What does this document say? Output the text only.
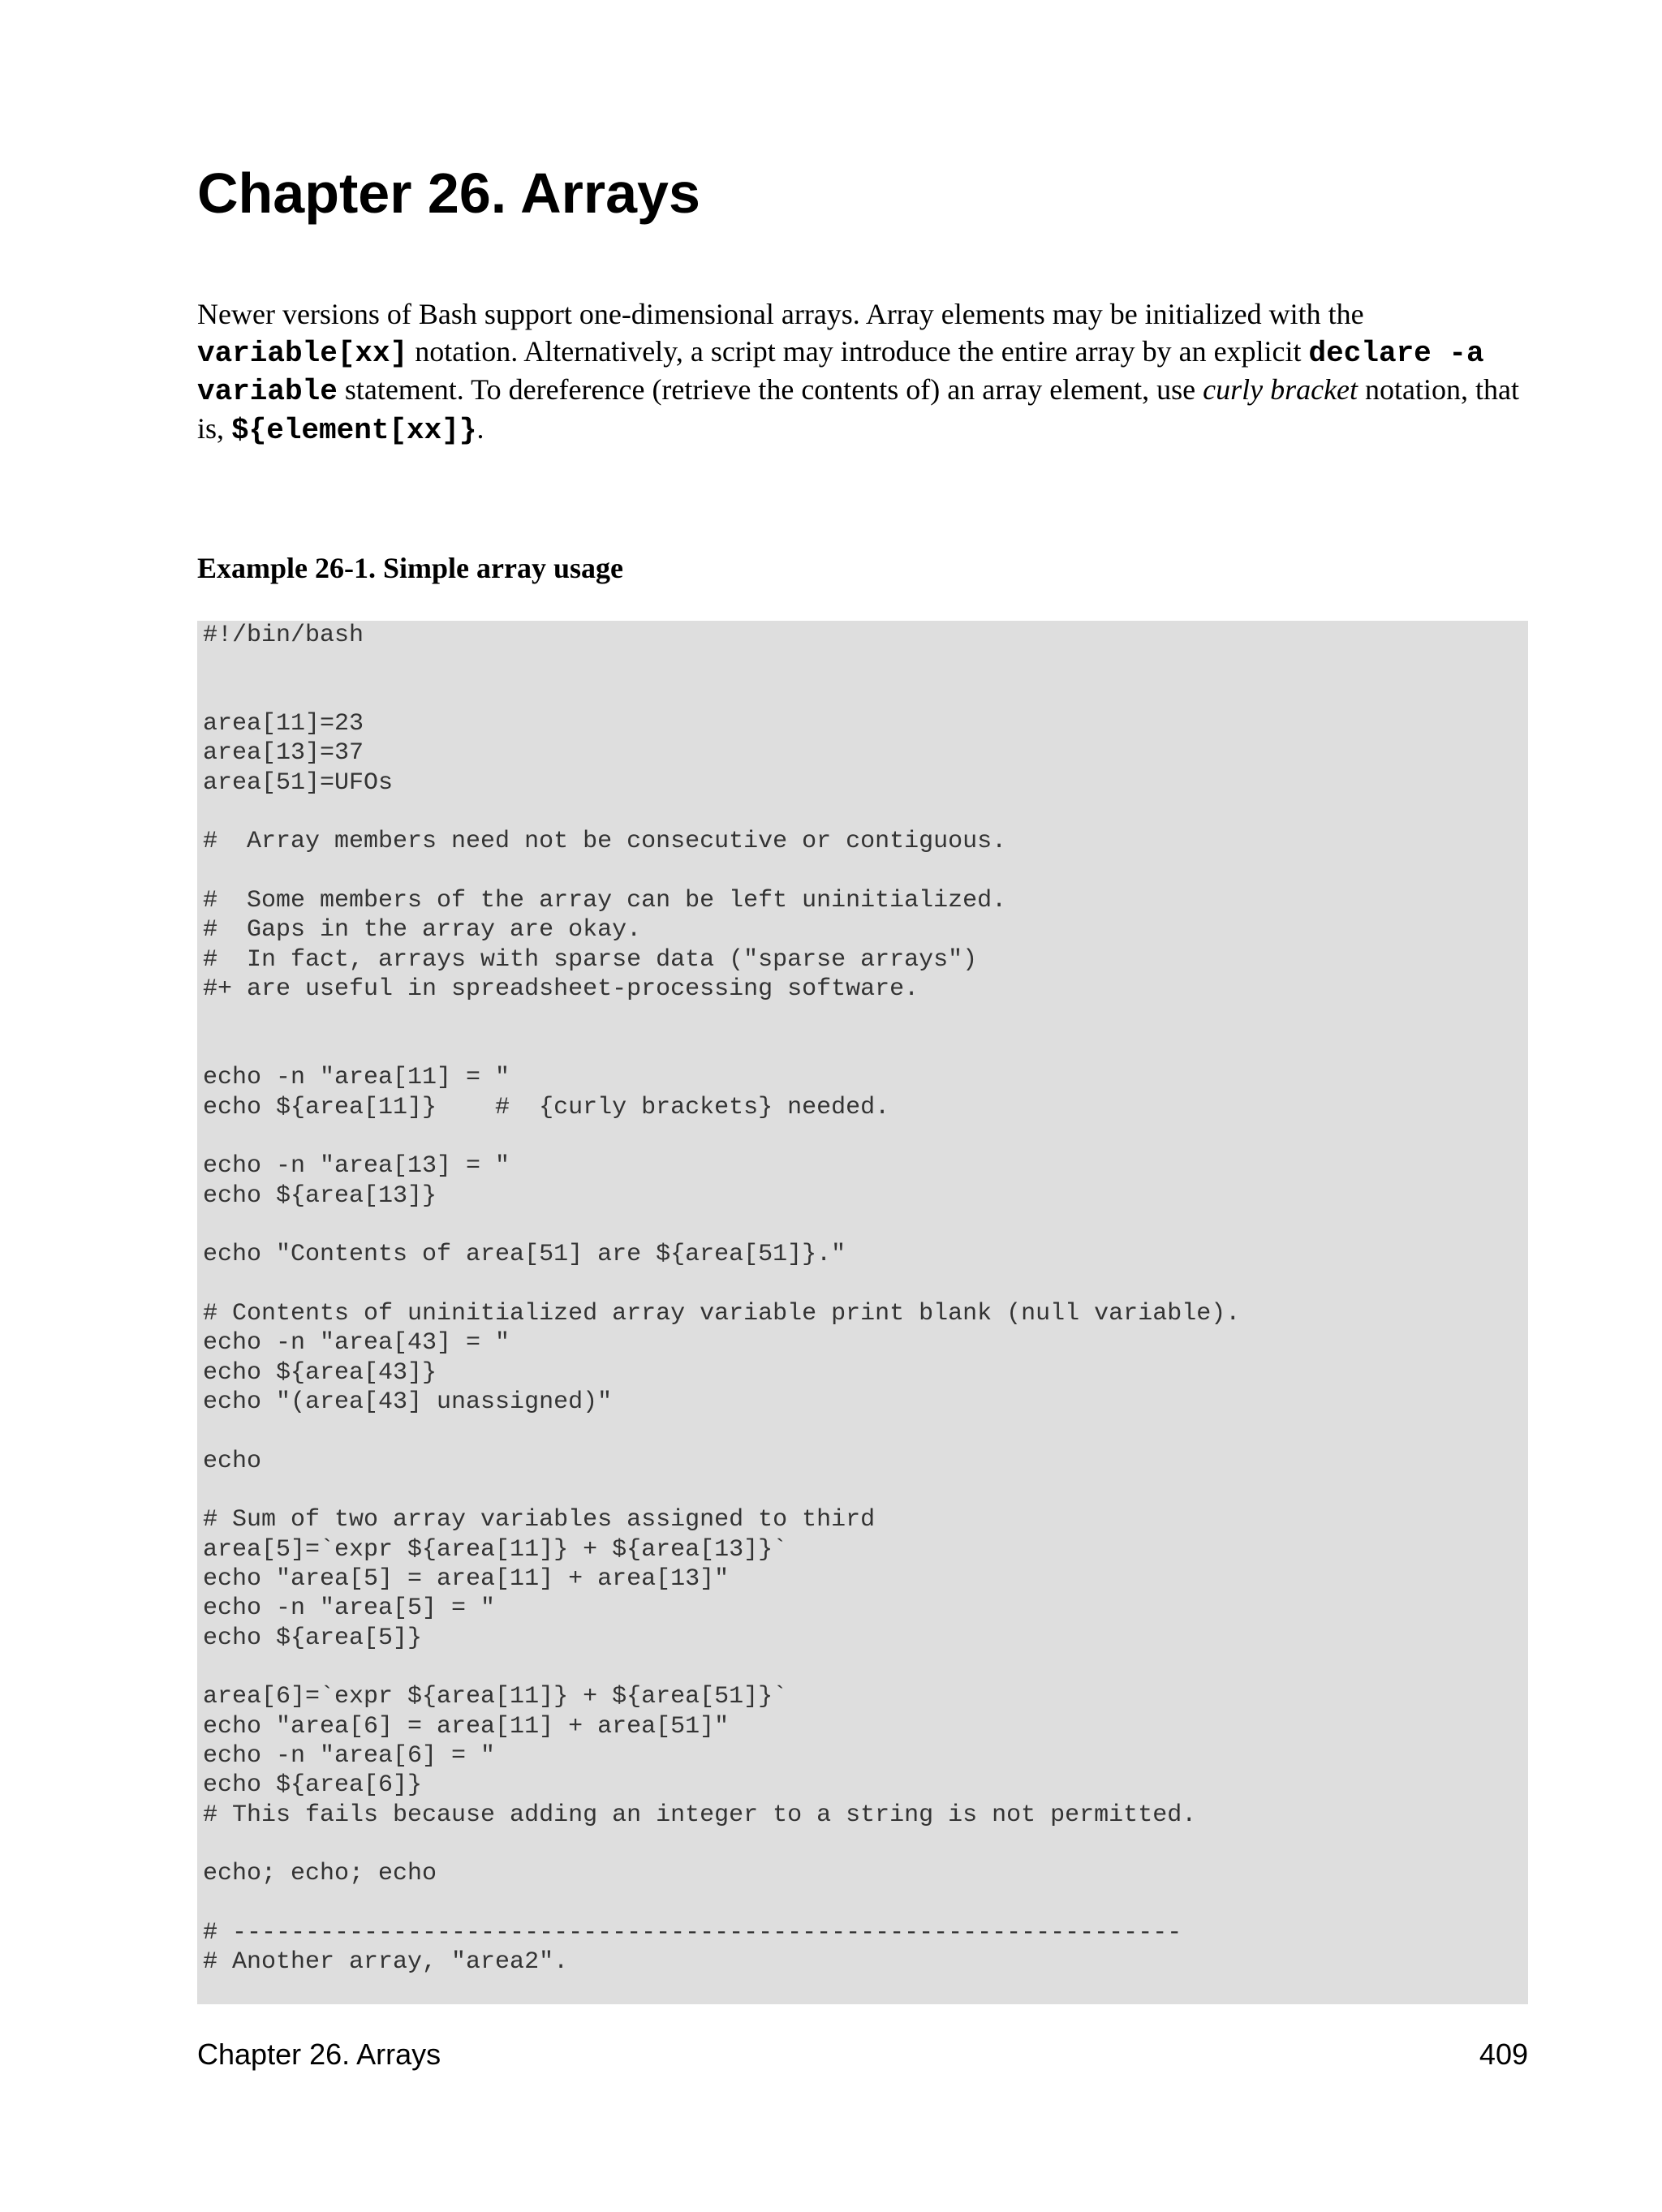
Chapter 26. Arrays

Newer versions of Bash support one-dimensional arrays. Array elements may be initialized with the variable[xx] notation. Alternatively, a script may introduce the entire array by an explicit declare -a variable statement. To dereference (retrieve the contents of) an array element, use curly bracket notation, that is, ${element[xx]}.

Example 26-1. Simple array usage
#!/bin/bash
area[11]=23
area[13]=37
area[51]=UFOs
#  Array members need not be consecutive or contiguous.
#  Some members of the array can be left uninitialized.
#  Gaps in the array are okay.
#  In fact, arrays with sparse data ("sparse arrays")
#+ are useful in spreadsheet-processing software.
echo -n "area[11] = "
echo ${area[11]}    #  {curly brackets} needed.
echo -n "area[13] = "
echo ${area[13]}
echo "Contents of area[51] are ${area[51]}."
# Contents of uninitialized array variable print blank (null variable).
echo -n "area[43] = "
echo ${area[43]}
echo "(area[43] unassigned)"
echo
# Sum of two array variables assigned to third
area[5]=`expr ${area[11]} + ${area[13]}`
echo "area[5] = area[11] + area[13]"
echo -n "area[5] = "
echo ${area[5]}
area[6]=`expr ${area[11]} + ${area[51]}`
echo "area[6] = area[11] + area[51]"
echo -n "area[6] = "
echo ${area[6]}
# This fails because adding an integer to a string is not permitted.
echo; echo; echo
# -----------------------------------------------------------------
# Another array, "area2".
Chapter 26. Arrays	409
